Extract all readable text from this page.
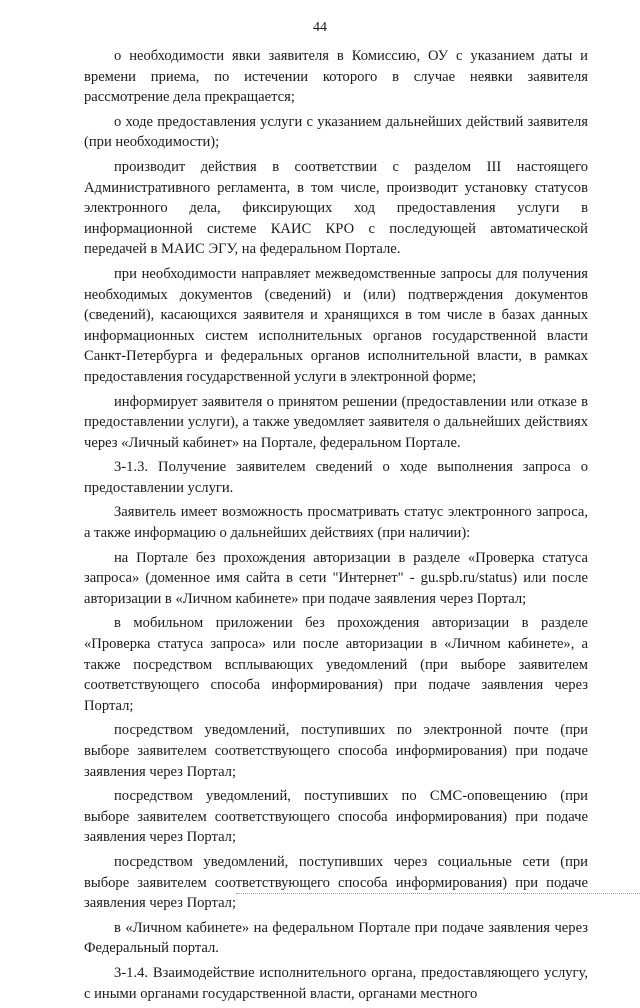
44

о необходимости явки заявителя в Комиссию, ОУ с указанием даты и времени приема, по истечении которого в случае неявки заявителя рассмотрение дела прекращается;

о ходе предоставления услуги с указанием дальнейших действий заявителя (при необходимости);

производит действия в соответствии с разделом III настоящего Административного регламента, в том числе, производит установку статусов электронного дела, фиксирующих ход предоставления услуги в информационной системе КАИС КРО с последующей автоматической передачей в МАИС ЭГУ, на федеральном Портале.

при необходимости направляет межведомственные запросы для получения необходимых документов (сведений) и (или) подтверждения документов (сведений), касающихся заявителя и хранящихся в том числе в базах данных информационных систем исполнительных органов государственной власти Санкт-Петербурга и федеральных органов исполнительной власти, в рамках предоставления государственной услуги в электронной форме;

информирует заявителя о принятом решении (предоставлении или отказе в предоставлении услуги), а также уведомляет заявителя о дальнейших действиях через «Личный кабинет» на Портале, федеральном Портале.

3-1.3. Получение заявителем сведений о ходе выполнения запроса о предоставлении услуги.

Заявитель имеет возможность просматривать статус электронного запроса, а также информацию о дальнейших действиях (при наличии):

на Портале без прохождения авторизации в разделе «Проверка статуса запроса» (доменное имя сайта в сети "Интернет" - gu.spb.ru/status) или после авторизации в «Личном кабинете» при подаче заявления через Портал;

в мобильном приложении без прохождения авторизации в разделе «Проверка статуса запроса» или после авторизации в «Личном кабинете», а также посредством всплывающих уведомлений (при выборе заявителем соответствующего способа информирования) при подаче заявления через Портал;

посредством уведомлений, поступивших по электронной почте (при выборе заявителем соответствующего способа информирования) при подаче заявления через Портал;

посредством уведомлений, поступивших по СМС-оповещению (при выборе заявителем соответствующего способа информирования) при подаче заявления через Портал;

посредством уведомлений, поступивших через социальные сети (при выборе заявителем соответствующего способа информирования) при подаче заявления через Портал;

в «Личном кабинете» на федеральном Портале при подаче заявления через Федеральный портал.

3-1.4. Взаимодействие исполнительного органа, предоставляющего услугу, с иными органами государственной власти, органами местного
